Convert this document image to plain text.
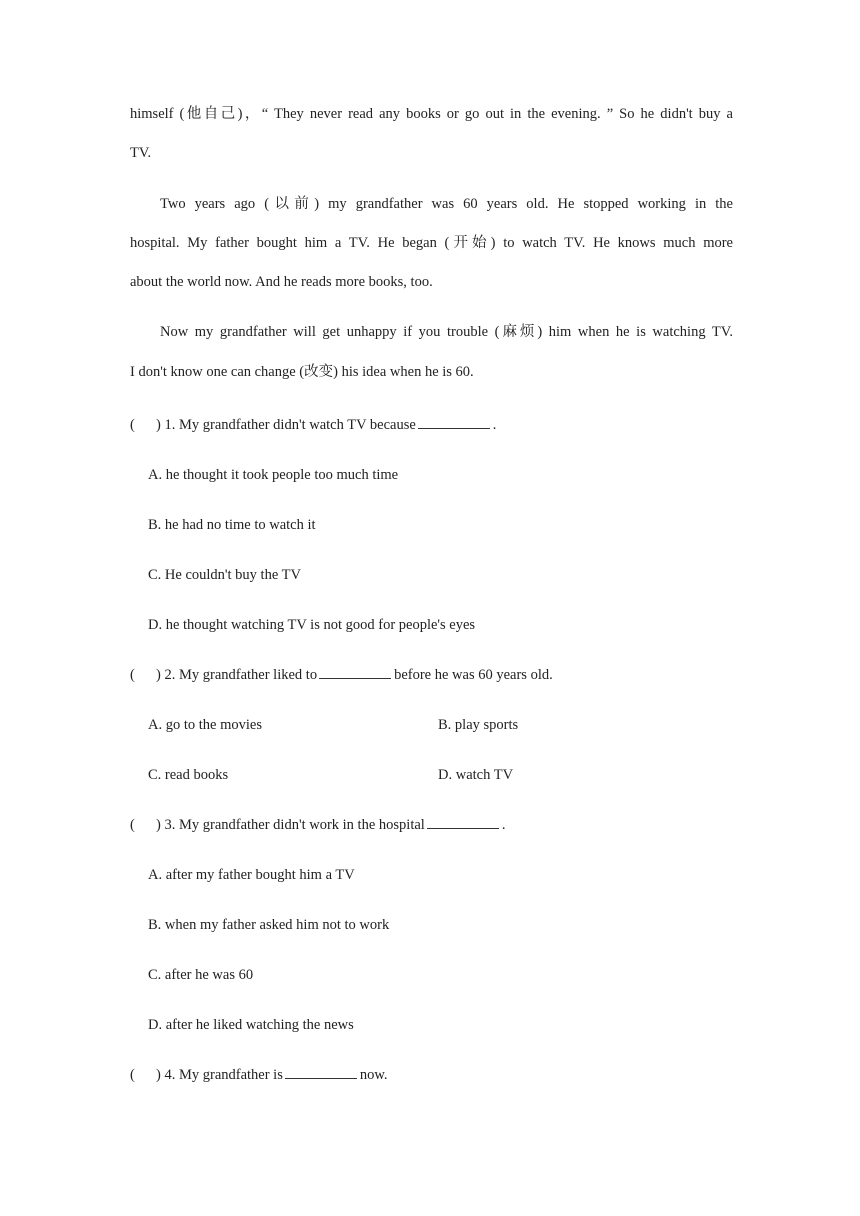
himself (他自己)，“ They never read any books or go out in the evening. ” So he didn't buy a
TV.
Two years ago (以前) my grandfather was 60 years old. He stopped working in the
hospital. My father bought him a TV. He began (开始) to watch TV. He knows much more
about the world now. And he reads more books, too.
Now my grandfather will get unhappy if you trouble (麻烦) him when he is watching TV.
I don't know one can change (改变) his idea when he is 60.
( ) 1. My grandfather didn't watch TV because	.
A. he thought it took people too much time
B. he had no time to watch it
C. He couldn't buy the TV
D. he thought watching TV is not good for people's eyes
( ) 2. My grandfather liked to	before he was 60 years old.
A. go to the movies	B. play sports
C. read books	D. watch TV
( ) 3. My grandfather didn't work in the hospital	.
A. after my father bought him a TV
B. when my father asked him not to work
C. after he was 60
D. after he liked watching the news
( ) 4. My grandfather is	now.
